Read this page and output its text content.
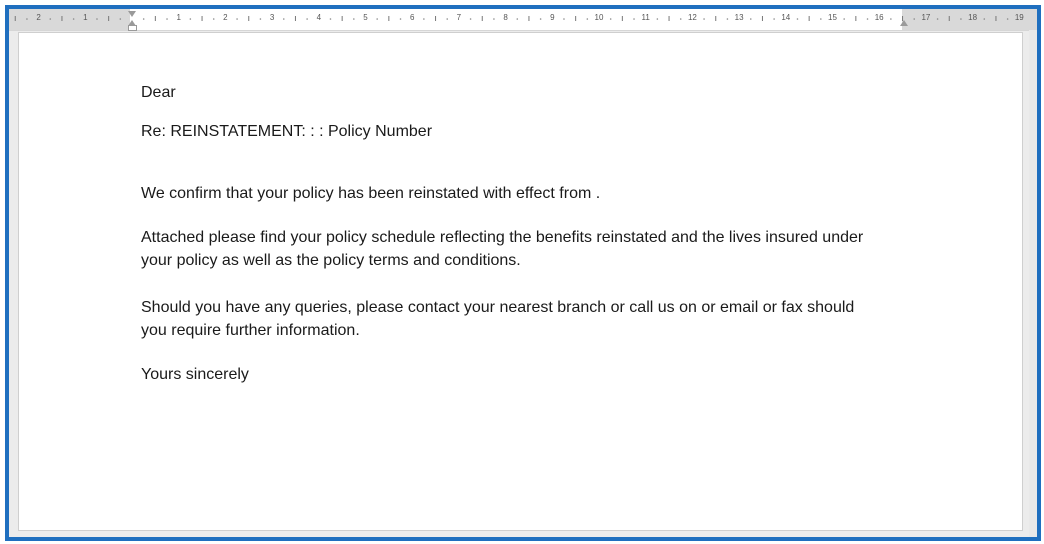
2	1	1	2	3	4	5	6	7	8	9	10	11	12	13	14	15	16	17	18	19
Dear
Re: REINSTATEMENT: : : Policy Number
We confirm that your policy has been reinstated with effect from .
Attached please find your policy schedule reflecting the benefits reinstated and the lives insured under
your policy as well as the policy terms and conditions.
Should you have any queries, please contact your nearest branch or call us on or email or fax should
you require further information.
Yours sincerely
